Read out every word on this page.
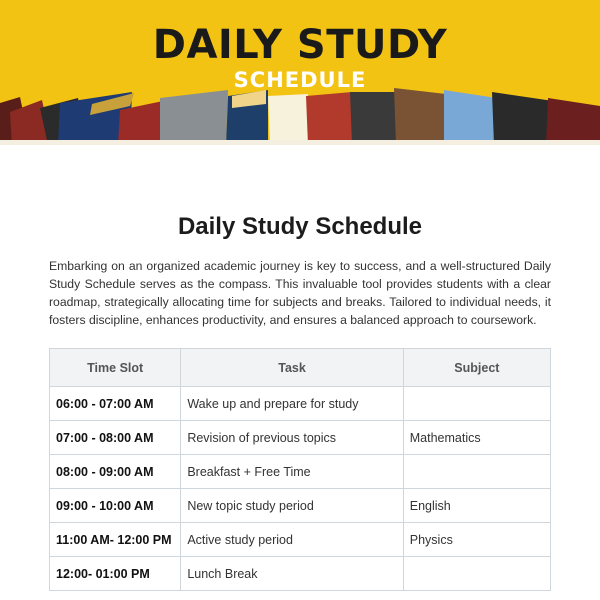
DAILY STUDY
SCHEDULE
Daily Study Schedule

Embarking on an organized academic journey is key to success, and a well-structured Daily Study Schedule serves as the compass. This invaluable tool provides students with a clear roadmap, strategically allocating time for subjects and breaks. Tailored to individual needs, it fosters discipline, enhances productivity, and ensures a balanced approach to coursework.

Time Slot	Task	Subject
06:00 - 07:00 AM	Wake up and prepare for study	
07:00 - 08:00 AM	Revision of previous topics	Mathematics
08:00 - 09:00 AM	Breakfast + Free Time	
09:00 - 10:00 AM	New topic study period	English
11:00 AM- 12:00 PM	Active study period	Physics
12:00- 01:00 PM	Lunch Break	
